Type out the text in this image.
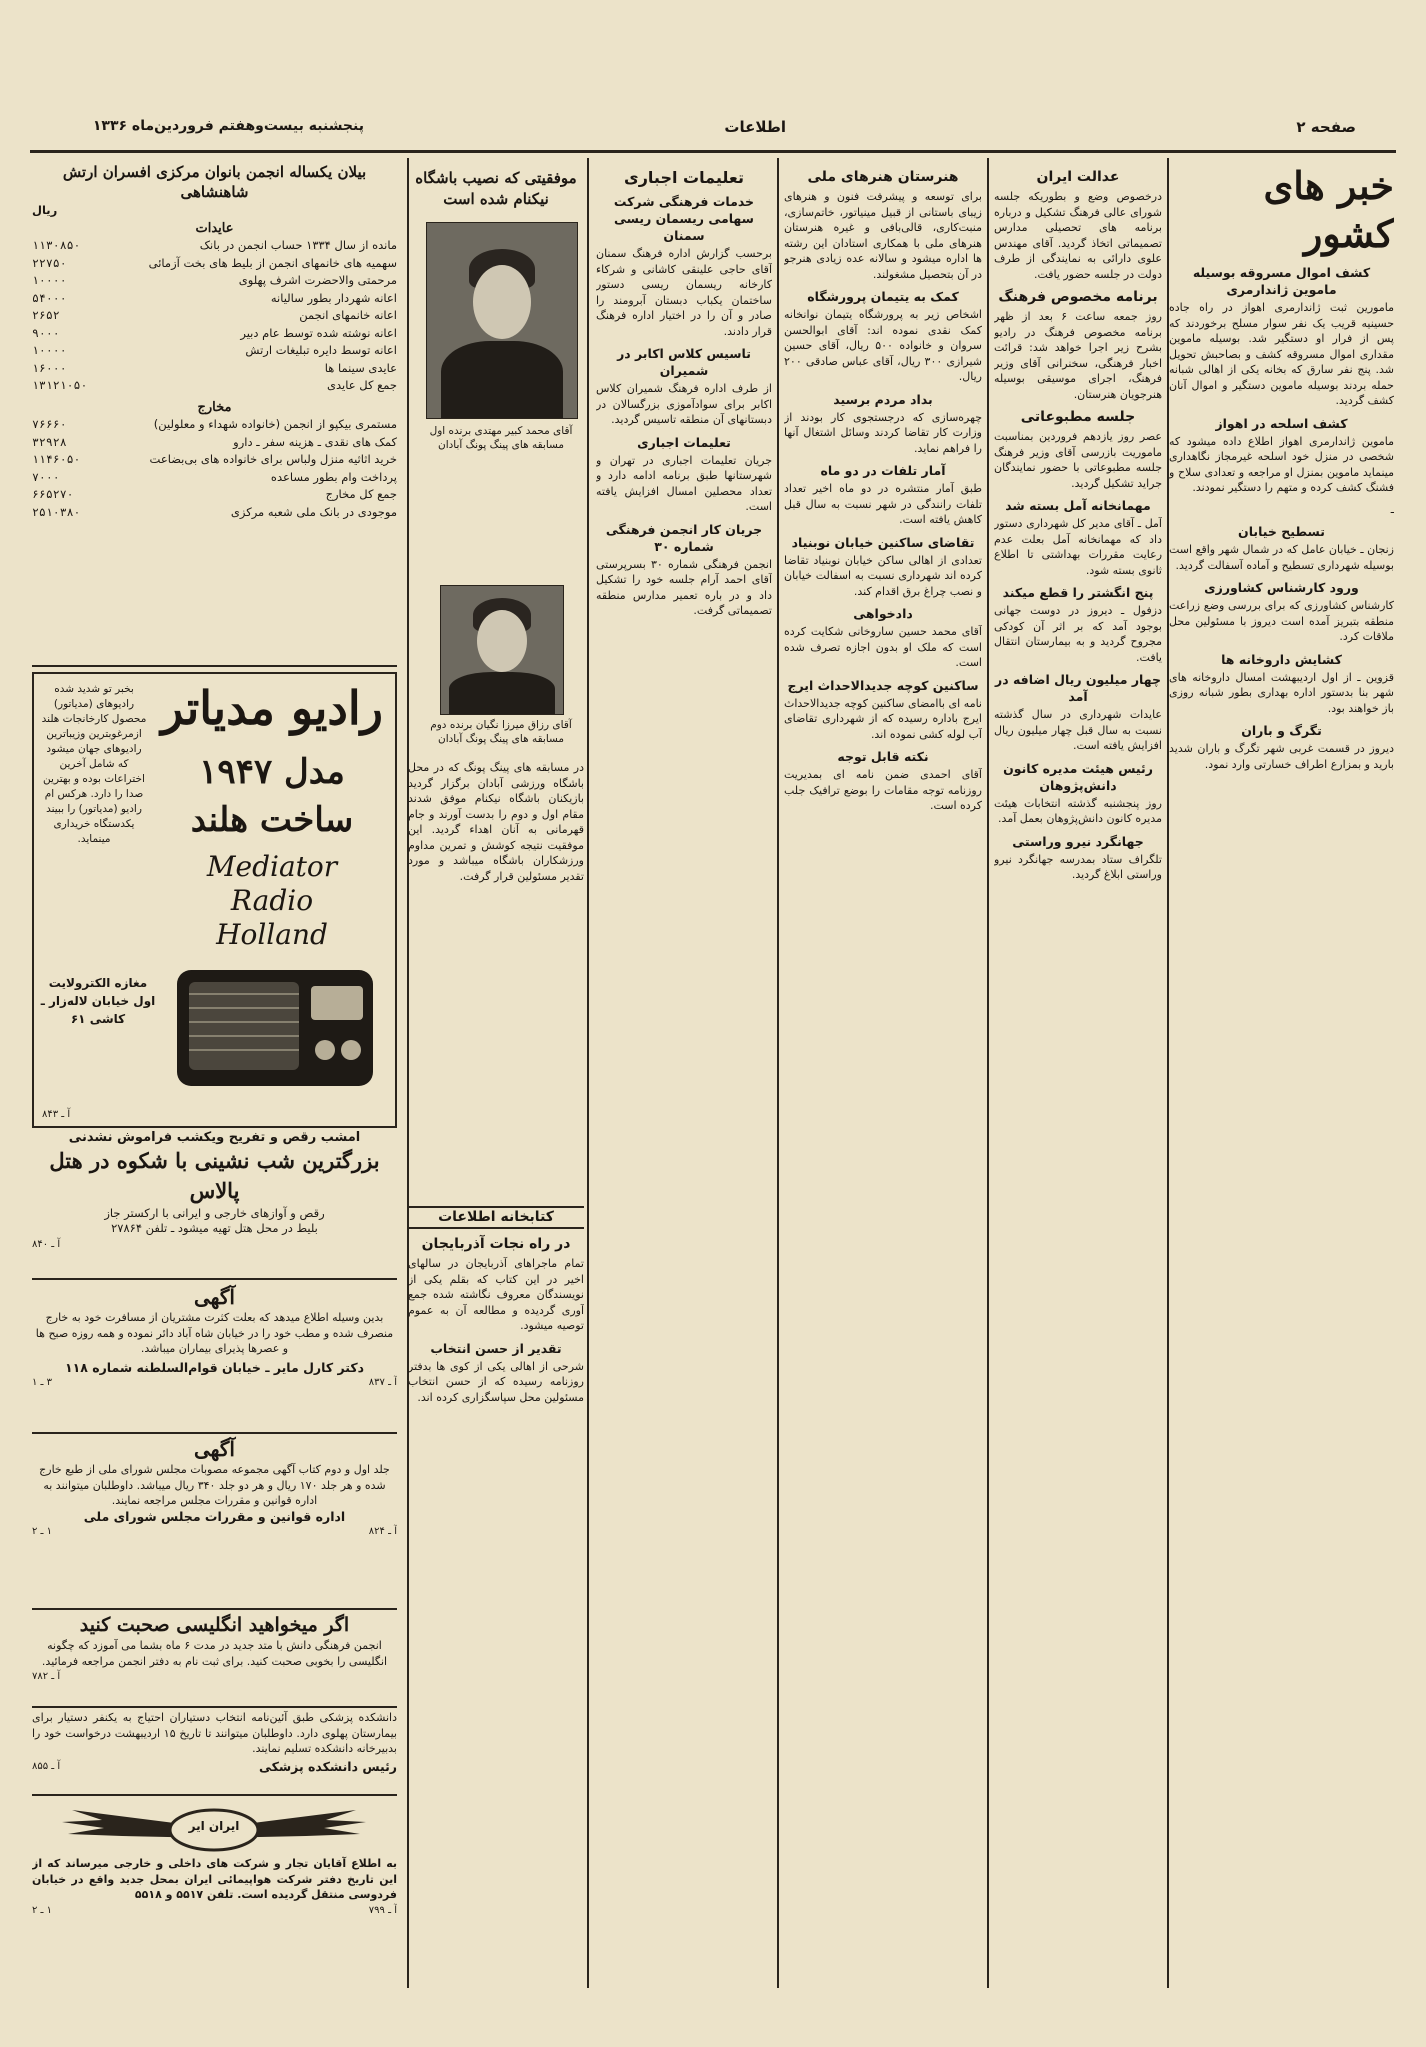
صفحه ۲
اطلاعات
پنجشنبه بیست‌وهفتم فروردین‌ماه ۱۳۳۶
خبر های کشور
کشف اموال مسروقه بوسیله ماموین ژاندارمری

مامورین ثبت ژاندارمری اهواز در راه جاده حسینیه قریب یک نفر سوار مسلح برخوردند که پس از فرار او دستگیر شد. بوسیله ماموین مقداری اموال مسروقه کشف و بصاحبش تحویل شد. پنج نفر سارق که بخانه یکی از اهالی شبانه حمله بردند بوسیله ماموین دستگیر و اموال آنان کشف گردید.

کشف اسلحه در اهواز

ماموین ژاندارمری اهواز اطلاع داده میشود که شخصی در منزل خود اسلحه غیرمجاز نگاهداری مینماید ماموین بمنزل او مراجعه و تعدادی سلاح و فشنگ کشف کرده و متهم را دستگیر نمودند.

ـ

تسطیح خیابان

زنجان ـ خیابان عامل که در شمال شهر واقع است بوسیله شهرداری تسطیح و آماده آسفالت گردید.

ورود کارشناس کشاورزی

کارشناس کشاورزی که برای بررسی وضع زراعت منطقه بتبریز آمده است دیروز با مسئولین محل ملاقات کرد.

کشایش داروخانه ها

قزوین ـ از اول اردیبهشت امسال داروخانه های شهر بنا بدستور اداره بهداری بطور شبانه روزی باز خواهند بود.

تگرگ و باران

دیروز در قسمت غربی شهر تگرگ و باران شدید بارید و بمزارع اطراف خسارتی وارد نمود.

عدالت ایران

درخصوص وضع و بطوریکه جلسه شورای عالی فرهنگ تشکیل و درباره برنامه های تحصیلی مدارس تصمیماتی اتخاذ گردید. آقای مهندس علوی دارائی به نمایندگی از طرف دولت در جلسه حضور یافت.

برنامه مخصوص فرهنگ

روز جمعه ساعت ۶ بعد از ظهر برنامه مخصوص فرهنگ در رادیو بشرح زیر اجرا خواهد شد: قرائت اخبار فرهنگی، سخنرانی آقای وزیر فرهنگ، اجرای موسیقی بوسیله هنرجویان هنرستان.

جلسه مطبوعاتی

عصر روز یازدهم فروردین بمناسبت ماموریت بازرسی آقای وزیر فرهنگ جلسه مطبوعاتی با حضور نمایندگان جراید تشکیل گردید.

مهمانخانه آمل بسته شد

آمل ـ آقای مدیر کل شهرداری دستور داد که مهمانخانه آمل بعلت عدم رعایت مقررات بهداشتی تا اطلاع ثانوی بسته شود.

پنج انگشتر را قطع میکند

دزفول ـ دیروز در دوست جهانی بوجود آمد که بر اثر آن کودکی مجروح گردید و به بیمارستان انتقال یافت.

چهار میلیون ریال اضافه در آمد

عایدات شهرداری در سال گذشته نسبت به سال قبل چهار میلیون ریال افزایش یافته است.

رئیس هیئت مدیره کانون دانش‌پژوهان

روز پنجشنبه گذشته انتخابات هیئت مدیره کانون دانش‌پژوهان بعمل آمد.

جهانگرد نیرو وراستی

تلگراف ستاد بمدرسه جهانگرد نیرو وراستی ابلاغ گردید.

هنرستان هنرهای ملی

برای توسعه و پیشرفت فنون و هنرهای زیبای باستانی از قبیل مینیاتور، خاتم‌سازی، منبت‌کاری، قالی‌بافی و غیره هنرستان هنرهای ملی با همکاری استادان این رشته ها اداره میشود و سالانه عده زیادی هنرجو در آن بتحصیل مشغولند.

کمک به یتیمان پرورشگاه

اشخاص زیر به پرورشگاه یتیمان نوانخانه کمک نقدی نموده اند: آقای ابوالحسن سروان و خانواده ۵۰۰ ریال، آقای حسین شیرازی ۳۰۰ ریال، آقای عباس صادقی ۲۰۰ ریال.

بداد مردم برسید

چهره‌سازی که درجستجوی کار بودند از وزارت کار تقاضا کردند وسائل اشتغال آنها را فراهم نماید.

آمار تلفات در دو ماه

طبق آمار منتشره در دو ماه اخیر تعداد تلفات رانندگی در شهر نسبت به سال قبل کاهش یافته است.

تقاضای ساکنین خیابان نوبنیاد

تعدادی از اهالی ساکن خیابان نوبنیاد تقاضا کرده اند شهرداری نسبت به اسفالت خیابان و نصب چراغ برق اقدام کند.

دادخواهی

آقای محمد حسین ساروخانی شکایت کرده است که ملک او بدون اجازه تصرف شده است.

ساکنین کوچه جدیدالاحداث ایرج

نامه ای باامضای ساکنین کوچه جدیدالاحداث ایرج باداره رسیده که از شهرداری تقاضای آب لوله کشی نموده اند.

نکته قابل توجه

آقای احمدی ضمن نامه ای بمدیریت روزنامه توجه مقامات را بوضع ترافیک جلب کرده است.

تعلیمات اجباری
خدمات فرهنگی شرکت سهامی ریسمان ریسی سمنان

برحسب گزارش اداره فرهنگ سمنان آقای حاجی علینقی کاشانی و شرکاء کارخانه ریسمان ریسی دستور ساختمان یکباب دبستان آبرومند را صادر و آن را در اختیار اداره فرهنگ قرار دادند.

تاسیس کلاس اکابر در شمیران

از طرف اداره فرهنگ شمیران کلاس اکابر برای سوادآموزی بزرگسالان در دبستانهای آن منطقه تاسیس گردید.

تعلیمات اجباری

جریان تعلیمات اجباری در تهران و شهرستانها طبق برنامه ادامه دارد و تعداد محصلین امسال افزایش یافته است.

جریان کار انجمن فرهنگی شماره ۳۰

انجمن فرهنگی شماره ۳۰ بسرپرستی آقای احمد آرام جلسه خود را تشکیل داد و در باره تعمیر مدارس منطقه تصمیماتی گرفت.

کتابخانه اطلاعات
در راه نجات آذربایجان

تمام ماجراهای آذربایجان در سالهای اخیر در این کتاب که بقلم یکی از نویسندگان معروف نگاشته شده جمع آوری گردیده و مطالعه آن به عموم توصیه میشود.

تقدیر از حسن انتخاب

شرحی از اهالی یکی از کوی ها بدفتر روزنامه رسیده که از حسن انتخاب مسئولین محل سپاسگزاری کرده اند.

موفقیتی که نصیب باشگاه نیکنام شده است
آقای محمد کبیر مهتدی برنده اول مسابقه های پینگ پونگ آبادان
آقای رزاق میرزا نگیان برنده دوم مسابقه های پینگ پونگ آبادان

در مسابقه های پینگ پونگ که در محل باشگاه ورزشی آبادان برگزار گردید بازیکنان باشگاه نیکنام موفق شدند مقام اول و دوم را بدست آورند و جام قهرمانی به آنان اهداء گردید. این موفقیت نتیجه کوشش و تمرین مداوم ورزشکاران باشگاه میباشد و مورد تقدیر مسئولین قرار گرفت.

بیلان یکساله انجمن بانوان مرکزی افسران ارتش شاهنشاهی
ریال
عایدات
مانده از سال ۱۳۳۴ حساب انجمن در بانک
۱۱۳۰۸۵۰
سهمیه های خانمهای انجمن از بلیط های بخت آزمائی
۲۲۷۵۰
مرحمتی والاحضرت اشرف پهلوی
۱۰۰۰۰
اعانه شهردار بطور سالیانه
۵۴۰۰۰
اعانه خانمهای انجمن
۲۶۵۲
اعانه نوشته شده توسط عام دبیر
۹۰۰۰
اعانه توسط دایره تبلیغات ارتش
۱۰۰۰۰
عایدی سینما ها
۱۶۰۰۰
جمع کل عایدی
۱۳۱۲۱۰۵۰
مخارج
مستمری بیکپو از انجمن (خانواده شهداء و معلولین)
۷۶۶۶۰
کمک های نقدی ـ هزینه سفر ـ دارو
۳۲۹۲۸
خرید اثاثیه منزل ولباس برای خانواده های بی‌بضاعت
۱۱۴۶۰۵۰
پرداخت وام بطور مساعده
۷۰۰۰
جمع کل مخارج
۶۶۵۲۷۰
موجودی در بانک ملی شعبه مرکزی
۲۵۱۰۳۸۰
رادیو مدیاتر
مدل ۱۹۴۷
ساخت هلند
Mediator
Radio
Holland
بخبر تو شدید شده رادیوهای (مدیاتور) محصول کارخانجات هلند ازمرغوبترین وزیباترین رادیوهای جهان میشود که شامل آخرین اختراعات بوده و بهترین صدا را دارد. هرکس ام رادیو (مدیاتور) را ببیند یکدستگاه خریداری مینماید.
مغازه الکترولایت اول خیابان لاله‌زار ـ کاشی ۶۱
آ ـ ۸۴۳
امشب رقص و تفریح ویکشب فراموش نشدنی
بزرگترین شب نشینی با شکوه در هتل پالاس
رقص و آوازهای خارجی و ایرانی با ارکستر جاز
بلیط در محل هتل تهیه میشود ـ تلفن ۲۷۸۶۴
آ ـ ۸۴۰
آگهی

بدین وسیله اطلاع میدهد که بعلت کثرت مشتریان از مسافرت خود به خارج منصرف شده و مطب خود را در خیابان شاه آباد دائر نموده و همه روزه صبح ها و عصرها پذیرای بیماران میباشد.

دکتر کارل مایر ـ خیابان قوام‌السلطنه شماره ۱۱۸
آ ـ ۸۳۷
۳ ـ ۱
آگهی

جلد اول و دوم کتاب آگهی مجموعه مصوبات مجلس شورای ملی از طبع خارج شده و هر جلد ۱۷۰ ریال و هر دو جلد ۳۴۰ ریال میباشد. داوطلبان میتوانند به اداره قوانین و مقررات مجلس مراجعه نمایند.

اداره قوانین و مقررات مجلس شورای ملی
آ ـ ۸۲۴
۱ ـ ۲
اگر میخواهید انگلیسی صحبت کنید

انجمن فرهنگی دانش با متد جدید در مدت ۶ ماه بشما می آموزد که چگونه انگلیسی را بخوبی صحبت کنید. برای ثبت نام به دفتر انجمن مراجعه فرمائید.

آ ـ ۷۸۲

دانشکده پزشکی طبق آئین‌نامه انتخاب دستیاران احتیاج به یکنفر دستیار برای بیمارستان پهلوی دارد. داوطلبان میتوانند تا تاریخ ۱۵ اردیبهشت درخواست خود را بدبیرخانه دانشکده تسلیم نمایند.

رئیس دانشکده پزشکی
آ ـ ۸۵۵
ایران ایر

به اطلاع آقایان تجار و شرکت های داخلی و خارجی میرساند که از این تاریخ دفتر شرکت هواپیمائی ایران بمحل جدید واقع در خیابان فردوسی منتقل گردیده است. تلفن ۵۵۱۷ و ۵۵۱۸

آ ـ ۷۹۹
۱ ـ ۲
